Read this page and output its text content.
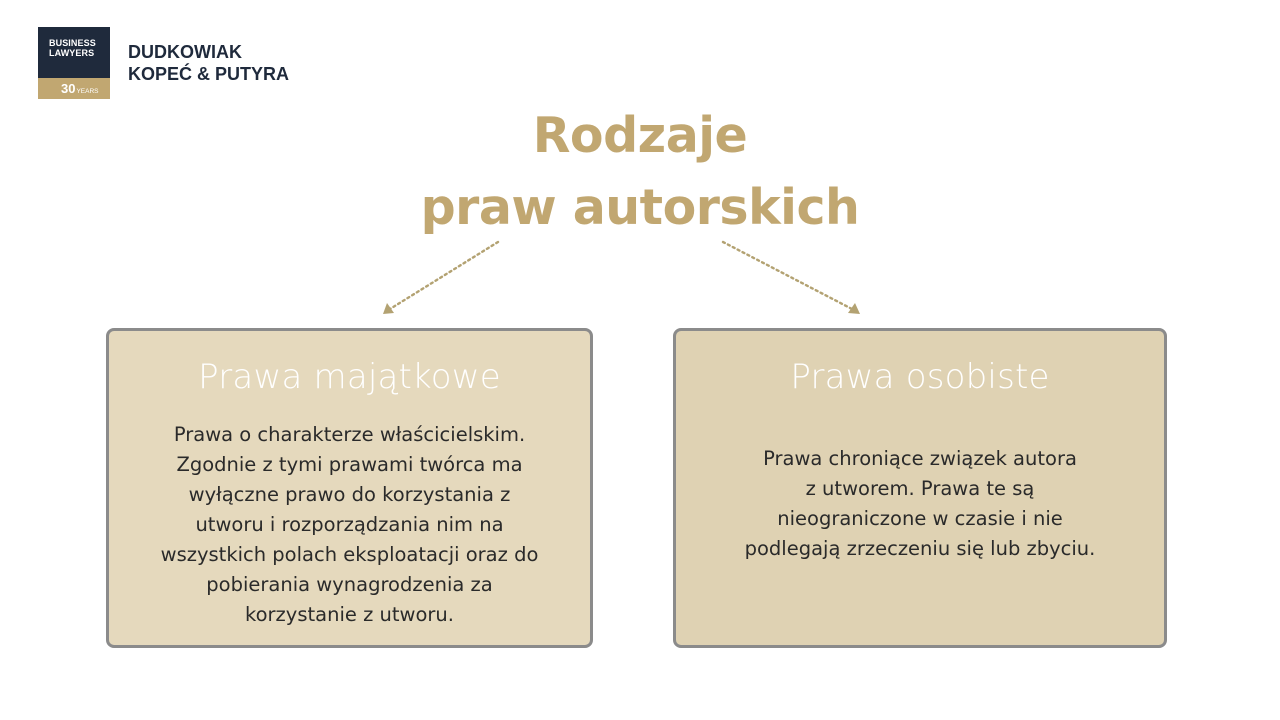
BUSINESS
LAWYERS
30YEARS
DUDKOWIAK
KOPEĆ & PUTYRA
Rodzaje
praw autorskich
Prawa majątkowe
Prawa o charakterze właścicielskim.
Zgodnie z tymi prawami twórca ma
wyłączne prawo do korzystania z
utworu i rozporządzania nim na
wszystkich polach eksploatacji oraz do
pobierania wynagrodzenia za
korzystanie z utworu.
Prawa osobiste
Prawa chroniące związek autora
z utworem. Prawa te są
nieograniczone w czasie i nie
podlegają zrzeczeniu się lub zbyciu.
